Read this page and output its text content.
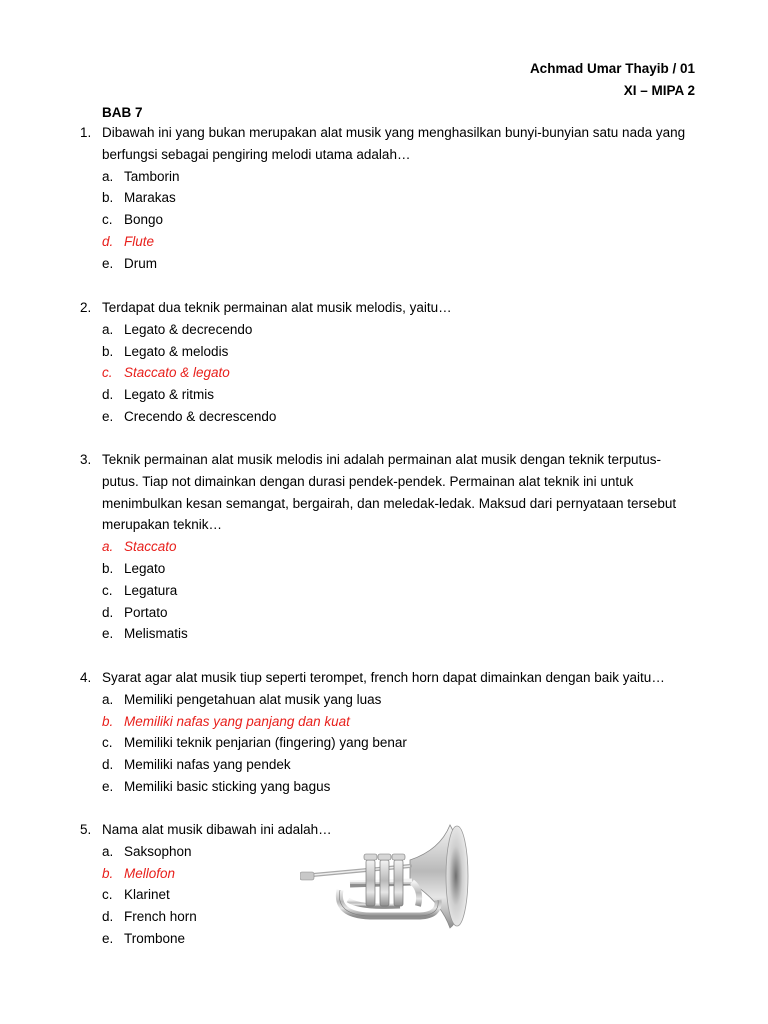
Achmad Umar Thayib / 01
XI – MIPA 2
BAB 7
1. Dibawah ini yang bukan merupakan alat musik yang menghasilkan bunyi-bunyian satu nada yang berfungsi sebagai pengiring melodi utama adalah…
a. Tamborin
b. Marakas
c. Bongo
d. Flute
e. Drum
2. Terdapat dua teknik permainan alat musik melodis, yaitu…
a. Legato & decrecendo
b. Legato & melodis
c. Staccato & legato
d. Legato & ritmis
e. Crecendo & decrescendo
3. Teknik permainan alat musik melodis ini adalah permainan alat musik dengan teknik terputus-putus. Tiap not dimainkan dengan durasi pendek-pendek. Permainan alat teknik ini untuk menimbulkan kesan semangat, bergairah, dan meledak-ledak. Maksud dari pernyataan tersebut merupakan teknik…
a. Staccato
b. Legato
c. Legatura
d. Portato
e. Melismatis
4. Syarat agar alat musik tiup seperti terompet, french horn dapat dimainkan dengan baik yaitu…
a. Memiliki pengetahuan alat musik yang luas
b. Memiliki nafas yang panjang dan kuat
c. Memiliki teknik penjarian (fingering) yang benar
d. Memiliki nafas yang pendek
e. Memiliki basic sticking yang bagus
5. Nama alat musik dibawah ini adalah…
a. Saksophon
b. Mellofon
c. Klarinet
d. French horn
e. Trombone
